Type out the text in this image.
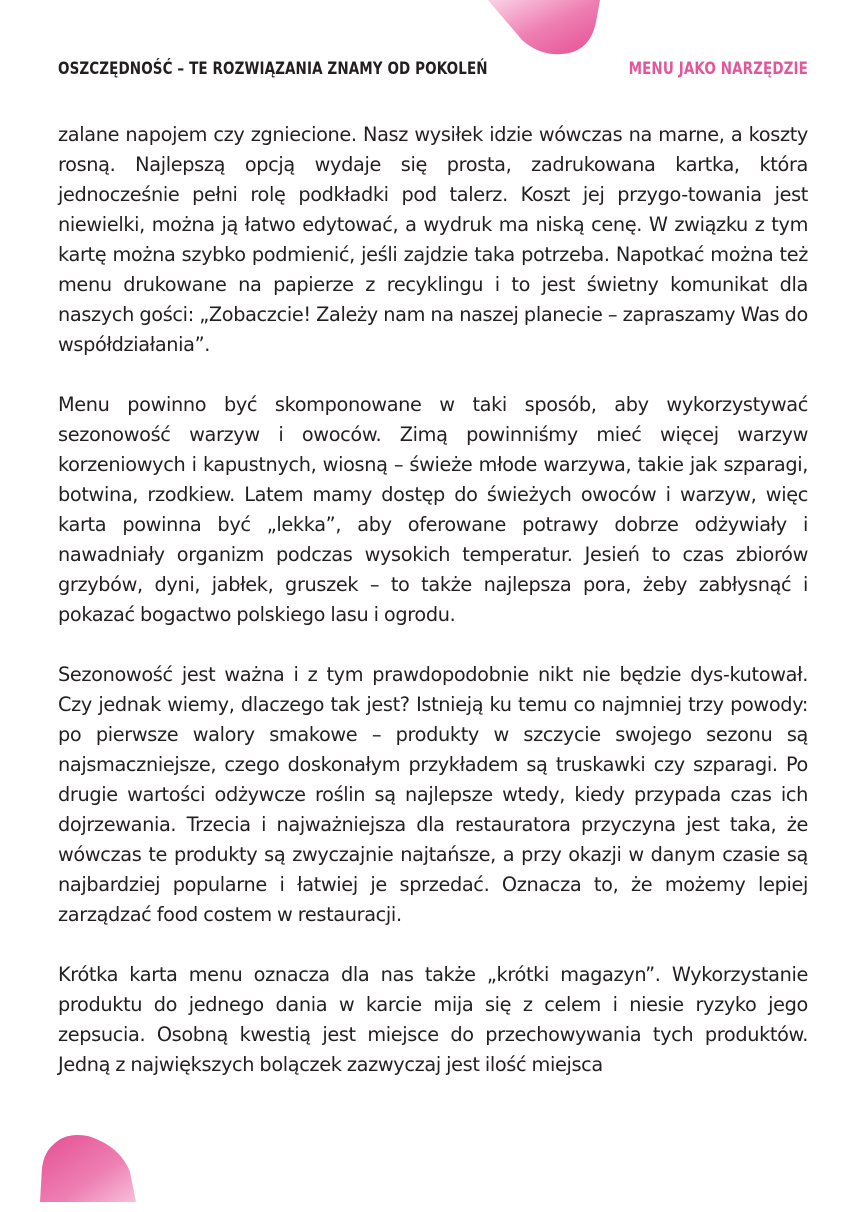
OSZCZĘDNOŚĆ – TE ROZWIĄZANIA ZNAMY OD POKOLEŃ	MENU JAKO NARZĘDZIE

zalane napojem czy zgniecione. Nasz wysiłek idzie wówczas na marne, a koszty rosną. Najlepszą opcją wydaje się prosta, zadrukowana kartka, która jednocześnie pełni rolę podkładki pod talerz. Koszt jej przygo-towania jest niewielki, można ją łatwo edytować, a wydruk ma niską cenę. W związku z tym kartę można szybko podmienić, jeśli zajdzie taka potrzeba. Napotkać można też menu drukowane na papierze z recyklingu i to jest świetny komunikat dla naszych gości: „Zobaczcie! Zależy nam na naszej planecie – zapraszamy Was do współdziałania”.

Menu powinno być skomponowane w taki sposób, aby wykorzystywać sezonowość warzyw i owoców. Zimą powinniśmy mieć więcej warzyw korzeniowych i kapustnych, wiosną – świeże młode warzywa, takie jak szparagi, botwina, rzodkiew. Latem mamy dostęp do świeżych owoców i warzyw, więc karta powinna być „lekka”, aby oferowane potrawy dobrze odżywiały i nawadniały organizm podczas wysokich temperatur. Jesień to czas zbiorów grzybów, dyni, jabłek, gruszek – to także najlepsza pora, żeby zabłysnąć i pokazać bogactwo polskiego lasu i ogrodu.

Sezonowość jest ważna i z tym prawdopodobnie nikt nie będzie dys-kutował. Czy jednak wiemy, dlaczego tak jest? Istnieją ku temu co najmniej trzy powody: po pierwsze walory smakowe – produkty w szczycie swojego sezonu są najsmaczniejsze, czego doskonałym przykładem są truskawki czy szparagi. Po drugie wartości odżywcze roślin są najlepsze wtedy, kiedy przypada czas ich dojrzewania. Trzecia i najważniejsza dla restauratora przyczyna jest taka, że wówczas te produkty są zwyczajnie najtańsze, a przy okazji w danym czasie są najbardziej popularne i łatwiej je sprzedać. Oznacza to, że możemy lepiej zarządzać food costem w restauracji.

Krótka karta menu oznacza dla nas także „krótki magazyn”. Wykorzystanie produktu do jednego dania w karcie mija się z celem i niesie ryzyko jego zepsucia. Osobną kwestią jest miejsce do przechowywania tych produktów. Jedną z największych bolączek zazwyczaj jest ilość miejsca
